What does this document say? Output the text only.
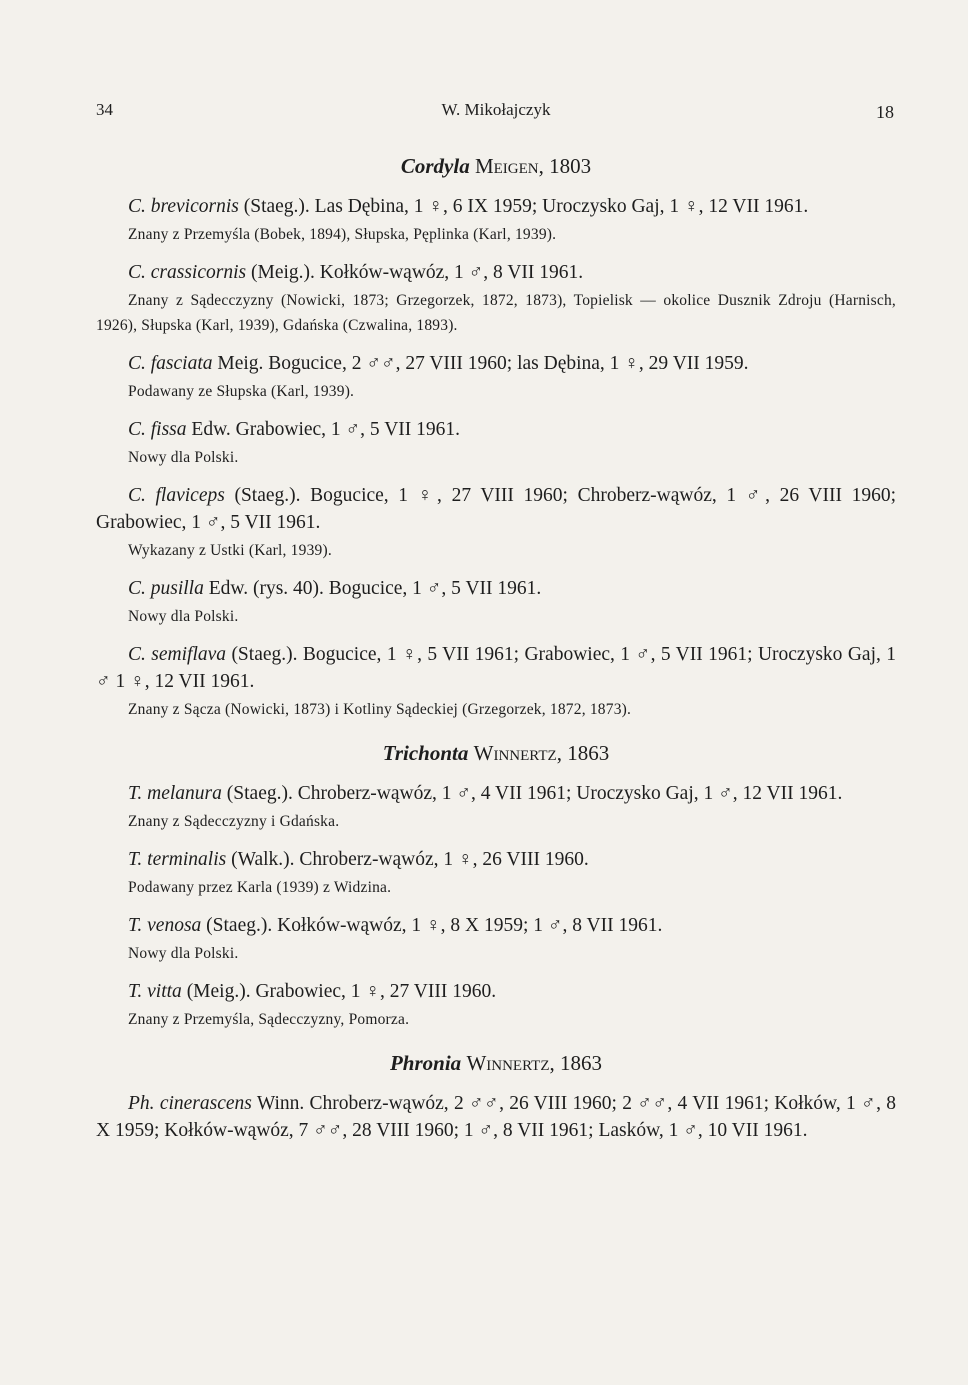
34	W. Mikołajczyk	18

Cordyla Meigen, 1803

C. brevicornis (Staeg.). Las Dębina, 1 ♀, 6 IX 1959; Uroczysko Gaj, 1 ♀, 12 VII 1961.

Znany z Przemyśla (Bobek, 1894), Słupska, Pęplinka (Karl, 1939).

C. crassicornis (Meig.). Kołków-wąwóz, 1 ♂, 8 VII 1961.

Znany z Sądecczyzny (Nowicki, 1873; Grzegorzek, 1872, 1873), Topielisk — okolice Dusznik Zdroju (Harnisch, 1926), Słupska (Karl, 1939), Gdańska (Czwalina, 1893).

C. fasciata Meig. Bogucice, 2 ♂♂, 27 VIII 1960; las Dębina, 1 ♀, 29 VII 1959.

Podawany ze Słupska (Karl, 1939).

C. fissa Edw. Grabowiec, 1 ♂, 5 VII 1961.

Nowy dla Polski.

C. flaviceps (Staeg.). Bogucice, 1 ♀, 27 VIII 1960; Chroberz-wąwóz, 1 ♂, 26 VIII 1960; Grabowiec, 1 ♂, 5 VII 1961.

Wykazany z Ustki (Karl, 1939).

C. pusilla Edw. (rys. 40). Bogucice, 1 ♂, 5 VII 1961.

Nowy dla Polski.

C. semiflava (Staeg.). Bogucice, 1 ♀, 5 VII 1961; Grabowiec, 1 ♂, 5 VII 1961; Uroczysko Gaj, 1 ♂ 1 ♀, 12 VII 1961.

Znany z Sącza (Nowicki, 1873) i Kotliny Sądeckiej (Grzegorzek, 1872, 1873).

Trichonta Winnertz, 1863

T. melanura (Staeg.). Chroberz-wąwóz, 1 ♂, 4 VII 1961; Uroczysko Gaj, 1 ♂, 12 VII 1961.

Znany z Sądecczyzny i Gdańska.

T. terminalis (Walk.). Chroberz-wąwóz, 1 ♀, 26 VIII 1960.

Podawany przez Karla (1939) z Widzina.

T. venosa (Staeg.). Kołków-wąwóz, 1 ♀, 8 X 1959; 1 ♂, 8 VII 1961.

Nowy dla Polski.

T. vitta (Meig.). Grabowiec, 1 ♀, 27 VIII 1960.

Znany z Przemyśla, Sądecczyzny, Pomorza.

Phronia Winnertz, 1863

Ph. cinerascens Winn. Chroberz-wąwóz, 2 ♂♂, 26 VIII 1960; 2 ♂♂, 4 VII 1961; Kołków, 1 ♂, 8 X 1959; Kołków-wąwóz, 7 ♂♂, 28 VIII 1960; 1 ♂, 8 VII 1961; Lasków, 1 ♂, 10 VII 1961.
